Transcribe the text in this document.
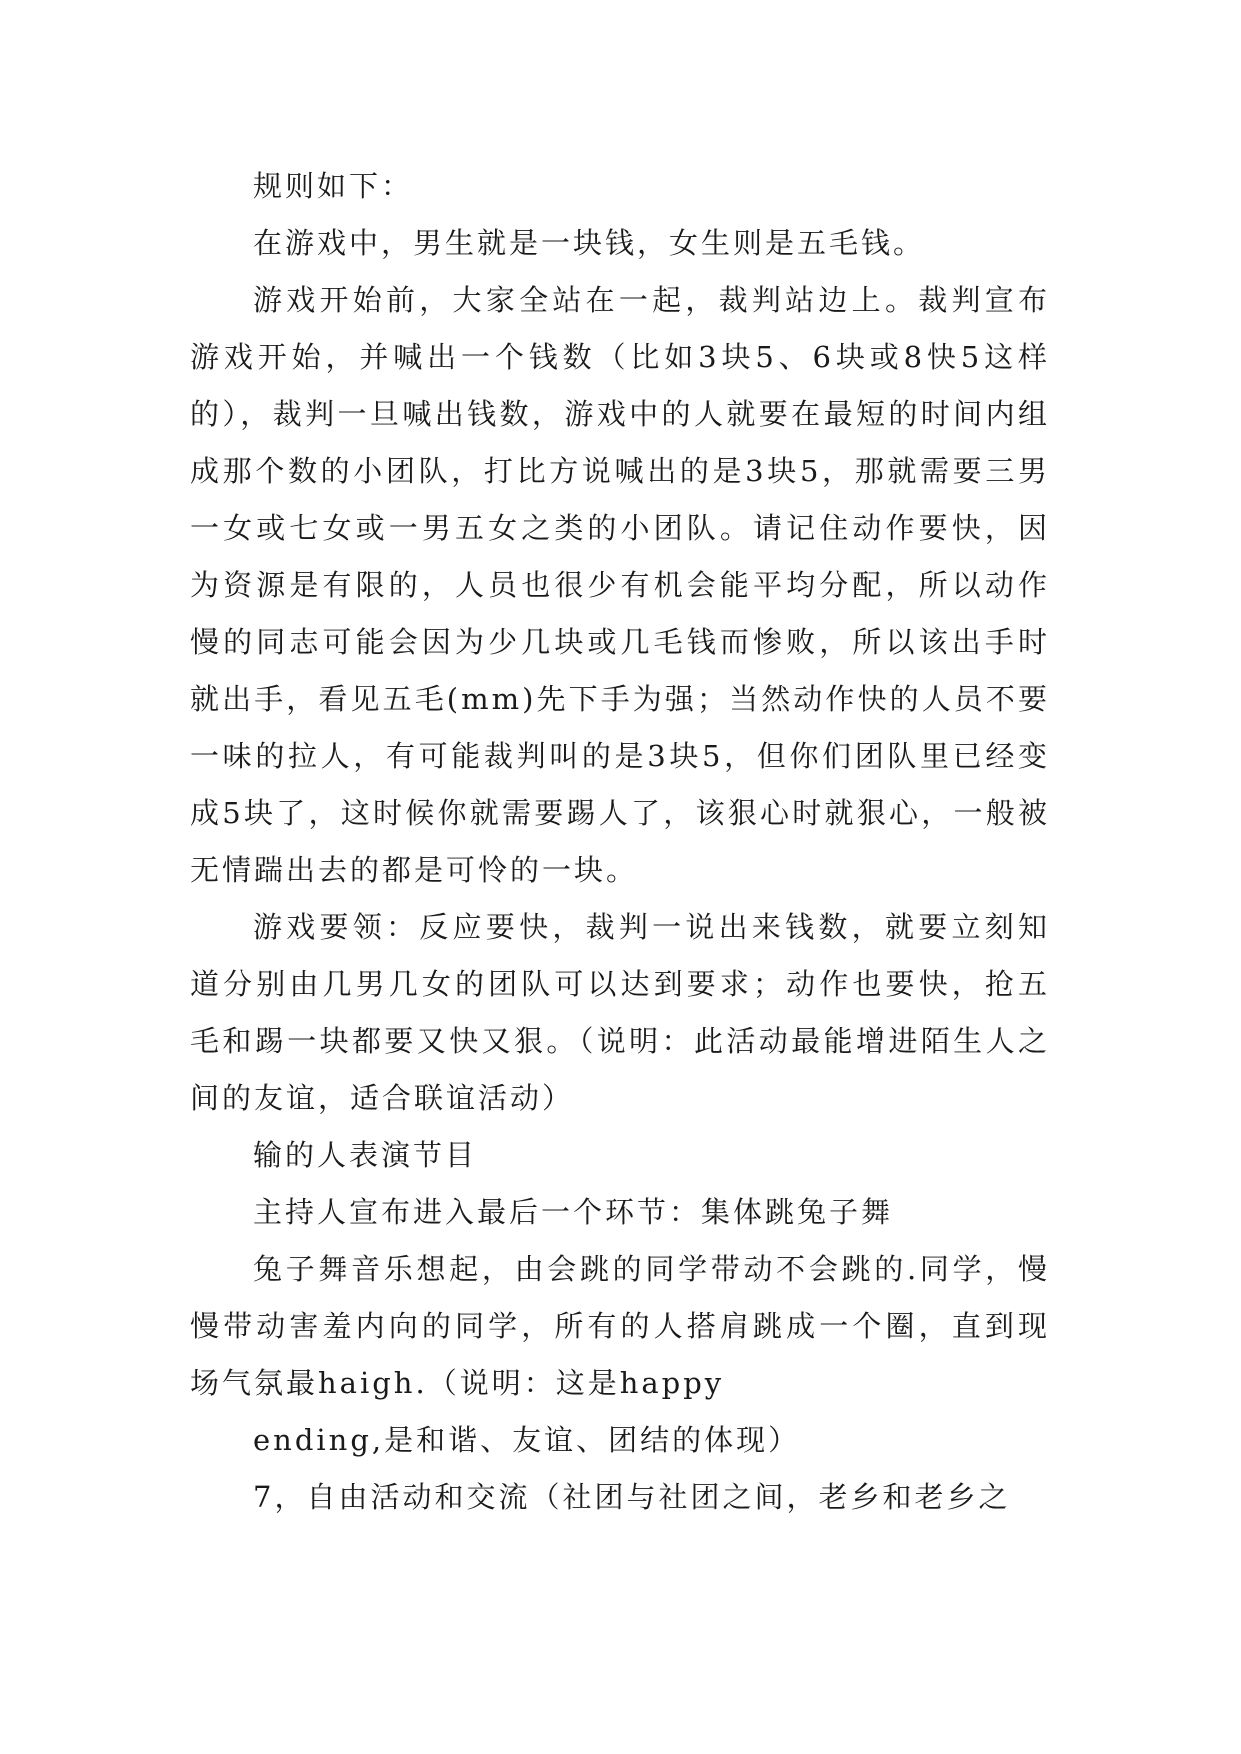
规则如下：

在游戏中，男生就是一块钱，女生则是五毛钱。

游戏开始前，大家全站在一起，裁判站边上。裁判宣布游戏开始，并喊出一个钱数（比如3块5、6块或8快5这样的），裁判一旦喊出钱数，游戏中的人就要在最短的时间内组成那个数的小团队，打比方说喊出的是3块5，那就需要三男一女或七女或一男五女之类的小团队。请记住动作要快，因为资源是有限的，人员也很少有机会能平均分配，所以动作慢的同志可能会因为少几块或几毛钱而惨败，所以该出手时就出手，看见五毛(mm)先下手为强；当然动作快的人员不要一味的拉人，有可能裁判叫的是3块5，但你们团队里已经变成5块了，这时候你就需要踢人了，该狠心时就狠心，一般被无情踹出去的都是可怜的一块。

游戏要领：反应要快，裁判一说出来钱数，就要立刻知道分别由几男几女的团队可以达到要求；动作也要快，抢五毛和踢一块都要又快又狠。（说明：此活动最能增进陌生人之间的友谊，适合联谊活动）

输的人表演节目

主持人宣布进入最后一个环节：集体跳兔子舞

兔子舞音乐想起，由会跳的同学带动不会跳的.同学，慢慢带动害羞内向的同学，所有的人搭肩跳成一个圈，直到现场气氛最haigh.（说明：这是happy

ending,是和谐、友谊、团结的体现）

7，自由活动和交流（社团与社团之间，老乡和老乡之
